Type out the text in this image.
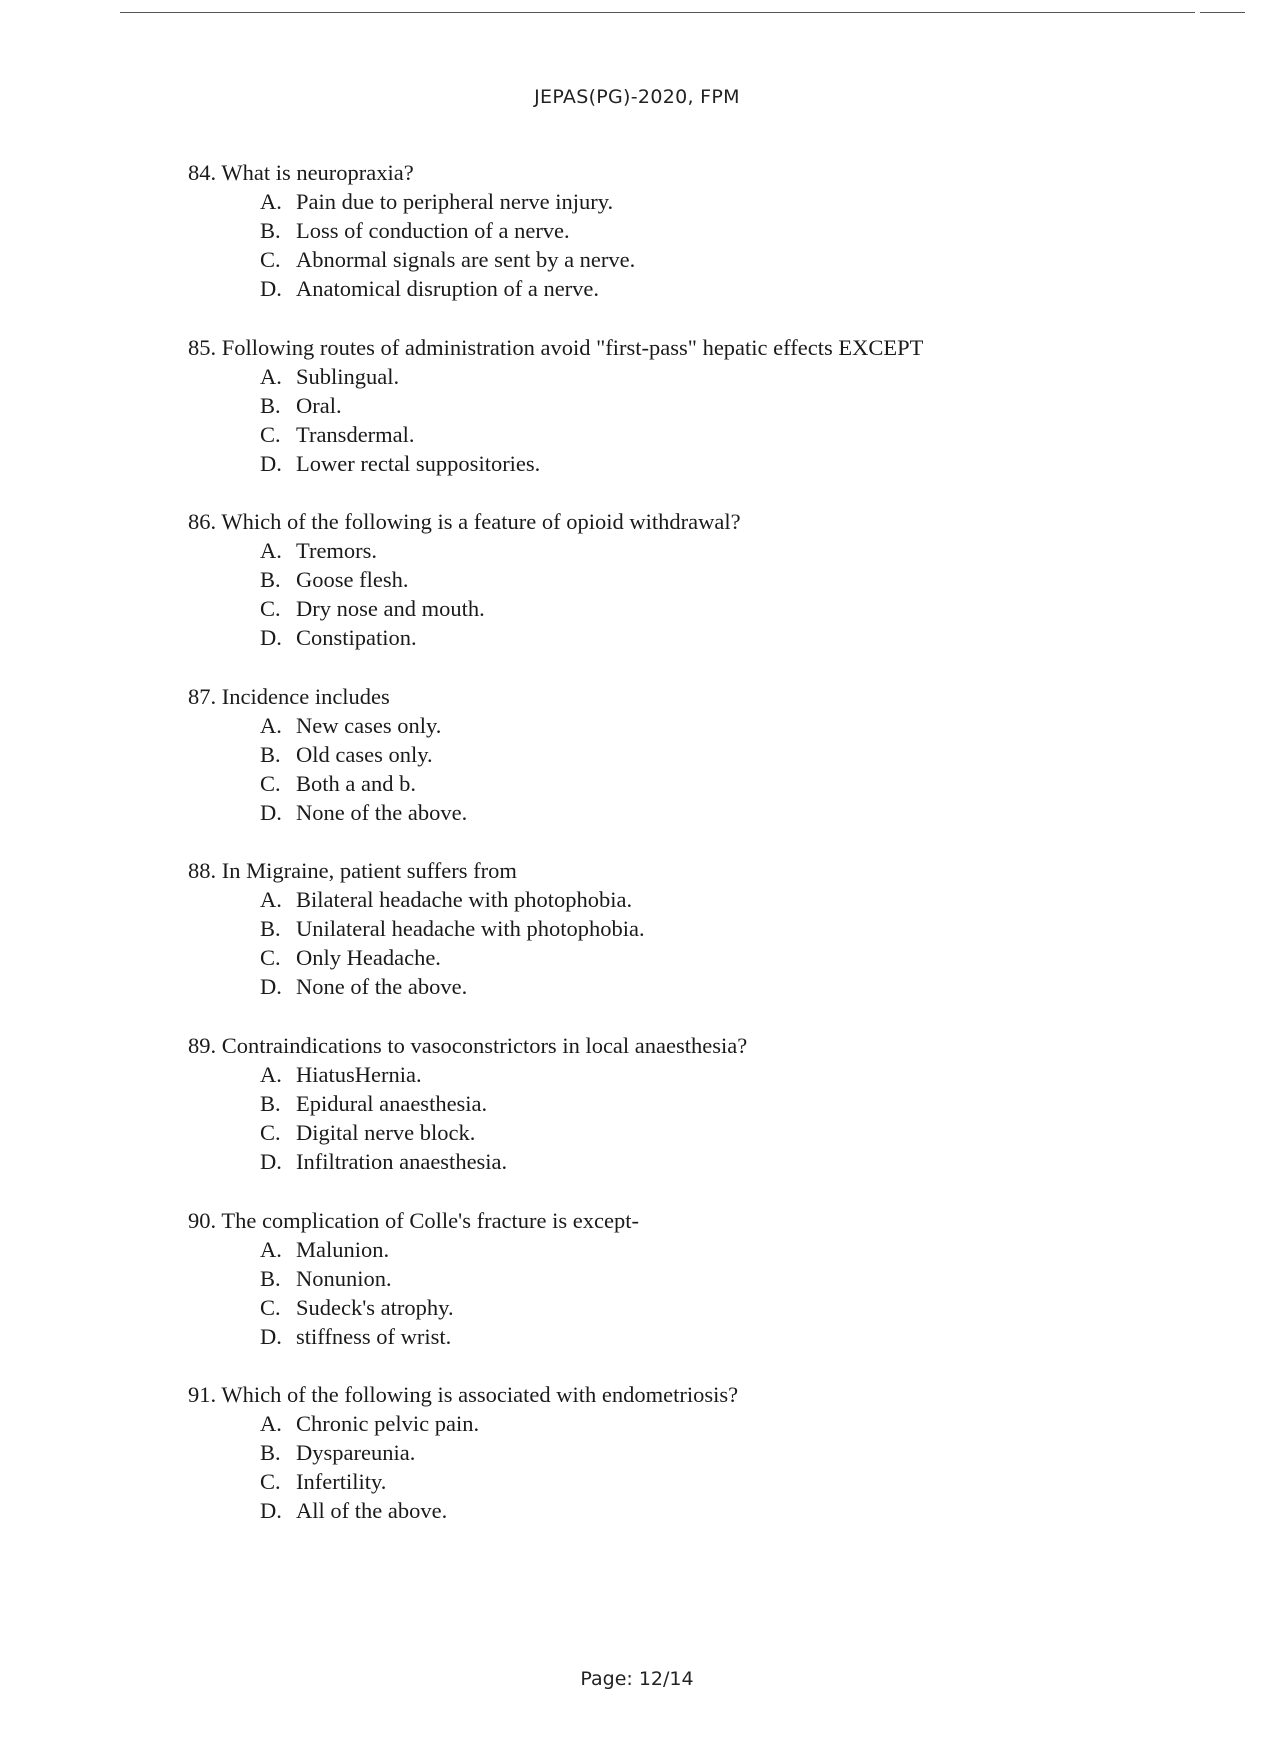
JEPAS(PG)-2020, FPM
84. What is neuropraxia?
A. Pain due to peripheral nerve injury.
B. Loss of conduction of a nerve.
C. Abnormal signals are sent by a nerve.
D. Anatomical disruption of a nerve.
85. Following routes of administration avoid "first-pass" hepatic effects EXCEPT
A. Sublingual.
B. Oral.
C. Transdermal.
D. Lower rectal suppositories.
86. Which of the following is a feature of opioid withdrawal?
A. Tremors.
B. Goose flesh.
C. Dry nose and mouth.
D. Constipation.
87. Incidence includes
A. New cases only.
B. Old cases only.
C. Both a and b.
D. None of the above.
88. In Migraine, patient suffers from
A. Bilateral headache with photophobia.
B. Unilateral headache with photophobia.
C. Only Headache.
D. None of the above.
89. Contraindications to vasoconstrictors in local anaesthesia?
A. HiatusHernia.
B. Epidural anaesthesia.
C. Digital nerve block.
D. Infiltration anaesthesia.
90. The complication of Colle's fracture is except-
A. Malunion.
B. Nonunion.
C. Sudeck's atrophy.
D. stiffness of wrist.
91. Which of the following is associated with endometriosis?
A. Chronic pelvic pain.
B. Dyspareunia.
C. Infertility.
D. All of the above.
Page: 12/14
